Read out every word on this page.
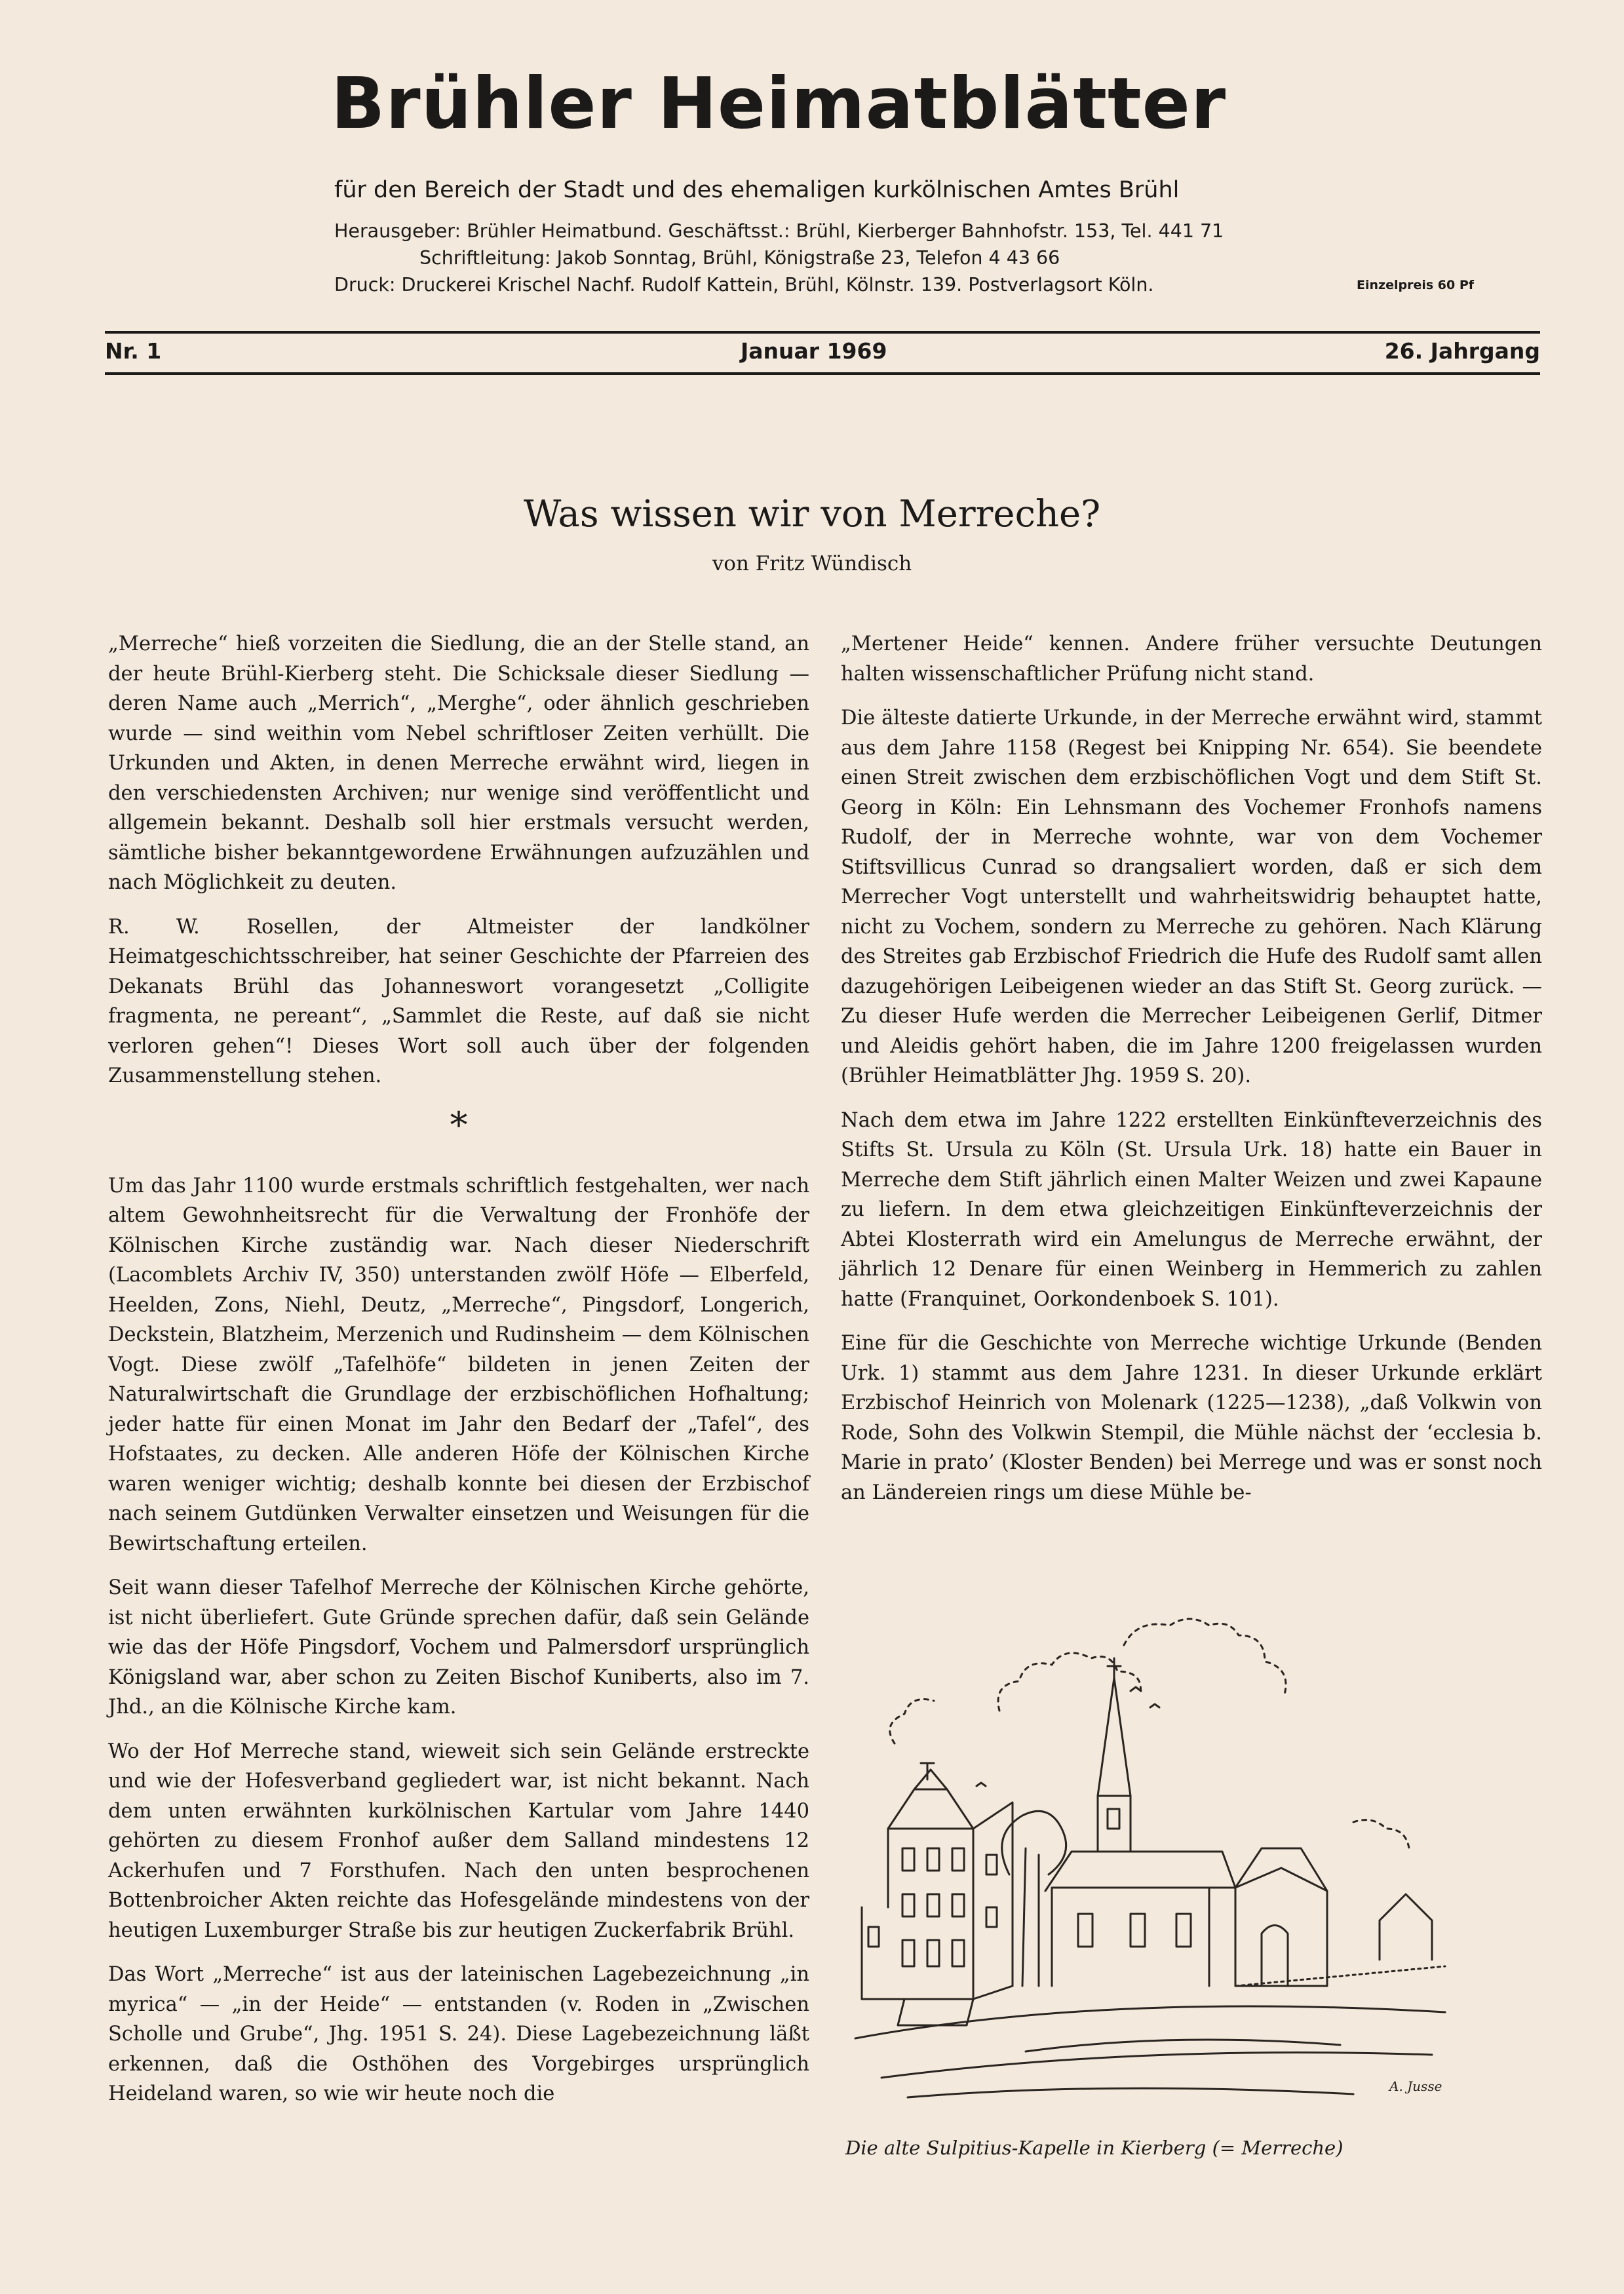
Brühler Heimatblätter
für den Bereich der Stadt und des ehemaligen kurkölnischen Amtes Brühl
Herausgeber: Brühler Heimatbund. Geschäftsst.: Brühl, Kierberger Bahnhofstr. 153, Tel. 441 71
Schriftleitung: Jakob Sonntag, Brühl, Königstraße 23, Telefon 4 43 66
Druck: Druckerei Krischel Nachf. Rudolf Kattein, Brühl, Kölnstr. 139. Postverlagsort Köln.	Einzelpreis 60 Pf
Nr. 1	Januar 1969	26. Jahrgang
Was wissen wir von Merreche?
von Fritz Wündisch

„Merreche“ hieß vorzeiten die Siedlung, die an der Stelle stand, an der heute Brühl-Kierberg steht. Die Schicksale dieser Siedlung — deren Name auch „Merrich“, „Merghe“, oder ähnlich geschrieben wurde — sind weithin vom Nebel schriftloser Zeiten verhüllt. Die Urkunden und Akten, in denen Merreche erwähnt wird, liegen in den verschiedensten Archiven; nur wenige sind veröffentlicht und allgemein bekannt. Deshalb soll hier erstmals versucht werden, sämtliche bisher bekanntgewordene Erwähnungen aufzuzählen und nach Möglichkeit zu deuten.

R. W. Rosellen, der Altmeister der landkölner Heimatgeschichtsschreiber, hat seiner Geschichte der Pfarreien des Dekanats Brühl das Johanneswort vorangesetzt „Colligite fragmenta, ne pereant“, „Sammlet die Reste, auf daß sie nicht verloren gehen“! Dieses Wort soll auch über der folgenden Zusammenstellung stehen.

*

Um das Jahr 1100 wurde erstmals schriftlich festgehalten, wer nach altem Gewohnheitsrecht für die Verwaltung der Fronhöfe der Kölnischen Kirche zuständig war. Nach dieser Niederschrift (Lacomblets Archiv IV, 350) unterstanden zwölf Höfe — Elberfeld, Heelden, Zons, Niehl, Deutz, „Merreche“, Pingsdorf, Longerich, Deckstein, Blatzheim, Merzenich und Rudinsheim — dem Kölnischen Vogt. Diese zwölf „Tafelhöfe“ bildeten in jenen Zeiten der Naturalwirtschaft die Grundlage der erzbischöflichen Hofhaltung; jeder hatte für einen Monat im Jahr den Bedarf der „Tafel“, des Hofstaates, zu decken. Alle anderen Höfe der Kölnischen Kirche waren weniger wichtig; deshalb konnte bei diesen der Erzbischof nach seinem Gutdünken Verwalter einsetzen und Weisungen für die Bewirtschaftung erteilen.

Seit wann dieser Tafelhof Merreche der Kölnischen Kirche gehörte, ist nicht überliefert. Gute Gründe sprechen dafür, daß sein Gelände wie das der Höfe Pingsdorf, Vochem und Palmersdorf ursprünglich Königsland war, aber schon zu Zeiten Bischof Kuniberts, also im 7. Jhd., an die Kölnische Kirche kam.

Wo der Hof Merreche stand, wieweit sich sein Gelände erstreckte und wie der Hofesverband gegliedert war, ist nicht bekannt. Nach dem unten erwähnten kurkölnischen Kartular vom Jahre 1440 gehörten zu diesem Fronhof außer dem Salland mindestens 12 Ackerhufen und 7 Forsthufen. Nach den unten besprochenen Bottenbroicher Akten reichte das Hofesgelände mindestens von der heutigen Luxemburger Straße bis zur heutigen Zuckerfabrik Brühl.

Das Wort „Merreche“ ist aus der lateinischen Lagebezeichnung „in myrica“ — „in der Heide“ — entstanden (v. Roden in „Zwischen Scholle und Grube“, Jhg. 1951 S. 24). Diese Lagebezeichnung läßt erkennen, daß die Osthöhen des Vorgebirges ursprünglich Heideland waren, so wie wir heute noch die

„Mertener Heide“ kennen. Andere früher versuchte Deutungen halten wissenschaftlicher Prüfung nicht stand.

Die älteste datierte Urkunde, in der Merreche erwähnt wird, stammt aus dem Jahre 1158 (Regest bei Knipping Nr. 654). Sie beendete einen Streit zwischen dem erzbischöflichen Vogt und dem Stift St. Georg in Köln: Ein Lehnsmann des Vochemer Fronhofs namens Rudolf, der in Merreche wohnte, war von dem Vochemer Stiftsvillicus Cunrad so drangsaliert worden, daß er sich dem Merrecher Vogt unterstellt und wahrheitswidrig behauptet hatte, nicht zu Vochem, sondern zu Merreche zu gehören. Nach Klärung des Streites gab Erzbischof Friedrich die Hufe des Rudolf samt allen dazugehörigen Leibeigenen wieder an das Stift St. Georg zurück. — Zu dieser Hufe werden die Merrecher Leibeigenen Gerlif, Ditmer und Aleidis gehört haben, die im Jahre 1200 freigelassen wurden (Brühler Heimatblätter Jhg. 1959 S. 20).

Nach dem etwa im Jahre 1222 erstellten Einkünfteverzeichnis des Stifts St. Ursula zu Köln (St. Ursula Urk. 18) hatte ein Bauer in Merreche dem Stift jährlich einen Malter Weizen und zwei Kapaune zu liefern. In dem etwa gleichzeitigen Einkünfteverzeichnis der Abtei Klosterrath wird ein Amelungus de Merreche erwähnt, der jährlich 12 Denare für einen Weinberg in Hemmerich zu zahlen hatte (Franquinet, Oorkondenboek S. 101).

Eine für die Geschichte von Merreche wichtige Urkunde (Benden Urk. 1) stammt aus dem Jahre 1231. In dieser Urkunde erklärt Erzbischof Heinrich von Molenark (1225—1238), „daß Volkwin von Rode, Sohn des Volkwin Stempil, die Mühle nächst der ‘ecclesia b. Marie in prato’ (Kloster Benden) bei Merrege und was er sonst noch an Ländereien rings um diese Mühle be-

A. Jusse
Die alte Sulpitius-Kapelle in Kierberg (= Merreche)
